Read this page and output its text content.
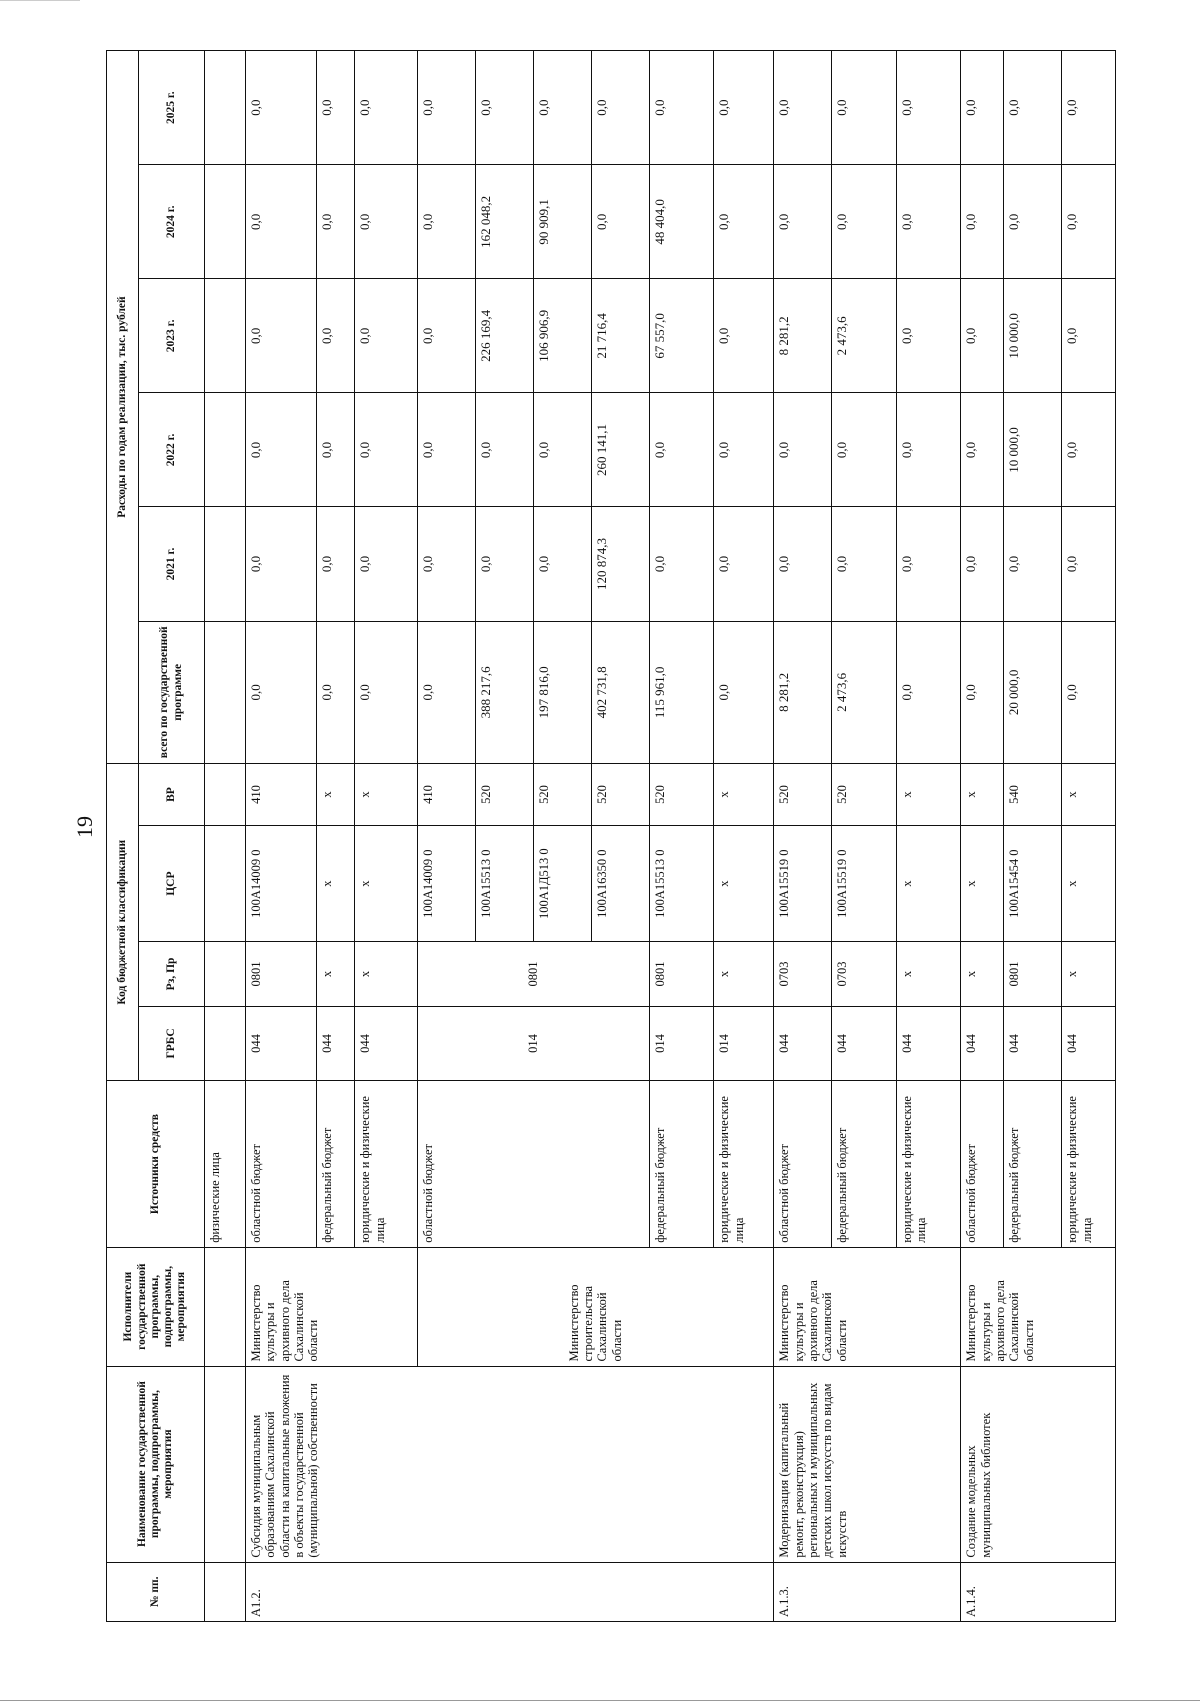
19
№ пп.	Наименование государственной программы, подпрограммы, мероприятия	Исполнители государственной программы, подпрограммы, мероприятия	Источники средств	Код бюджетной классификации				Расходы по годам реализации, тыс. рублей					
				ГРБС	Рз, Пр	ЦСР	ВР	всего по государственной программе	2021 г.	2022 г.	2023 г.	2024 г.	2025 г.
			физические лица										
А1.2.	Субсидия муниципальным образованиям Сахалинской области на капитальные вложения в объекты государственной (муниципальной) собственности	Министерство культуры и архивного дела Сахалинской области	областной бюджет	044	0801	100А14009 0	410	0,0	0,0	0,0	0,0	0,0	0,0
			федеральный бюджет	044	х	х	х	0,0	0,0	0,0	0,0	0,0	0,0
			юридические и физические лица	044	х	х	х	0,0	0,0	0,0	0,0	0,0	0,0
		Министерство строительства Сахалинской области	областной бюджет	014	0801	100А14009 0	410	0,0	0,0	0,0	0,0	0,0	0,0
						100А15513 0	520	388 217,6	0,0	0,0	226 169,4	162 048,2	0,0
						100А1Д513 0	520	197 816,0	0,0	0,0	106 906,9	90 909,1	0,0
						100А16350 0	520	402 731,8	120 874,3	260 141,1	21 716,4	0,0	0,0
			федеральный бюджет	014	0801	100А15513 0	520	115 961,0	0,0	0,0	67 557,0	48 404,0	0,0
			юридические и физические лица	014	х	х	х	0,0	0,0	0,0	0,0	0,0	0,0
А.1.3.	Модернизация (капитальный ремонт, реконструкция) региональных и муниципальных детских школ искусств по видам искусств	Министерство культуры и архивного дела Сахалинской области	областной бюджет	044	0703	100А15519 0	520	8 281,2	0,0	0,0	8 281,2	0,0	0,0
			федеральный бюджет	044	0703	100А15519 0	520	2 473,6	0,0	0,0	2 473,6	0,0	0,0
			юридические и физические лица	044	х	х	х	0,0	0,0	0,0	0,0	0,0	0,0
А.1.4.	Создание модельных муниципальных библиотек	Министерство культуры и архивного дела Сахалинской области	областной бюджет	044	х	х	х	0,0	0,0	0,0	0,0	0,0	0,0
			федеральный бюджет	044	0801	100А15454 0	540	20 000,0	0,0	10 000,0	10 000,0	0,0	0,0
			юридические и физические лица	044	х	х	х	0,0	0,0	0,0	0,0	0,0	0,0
